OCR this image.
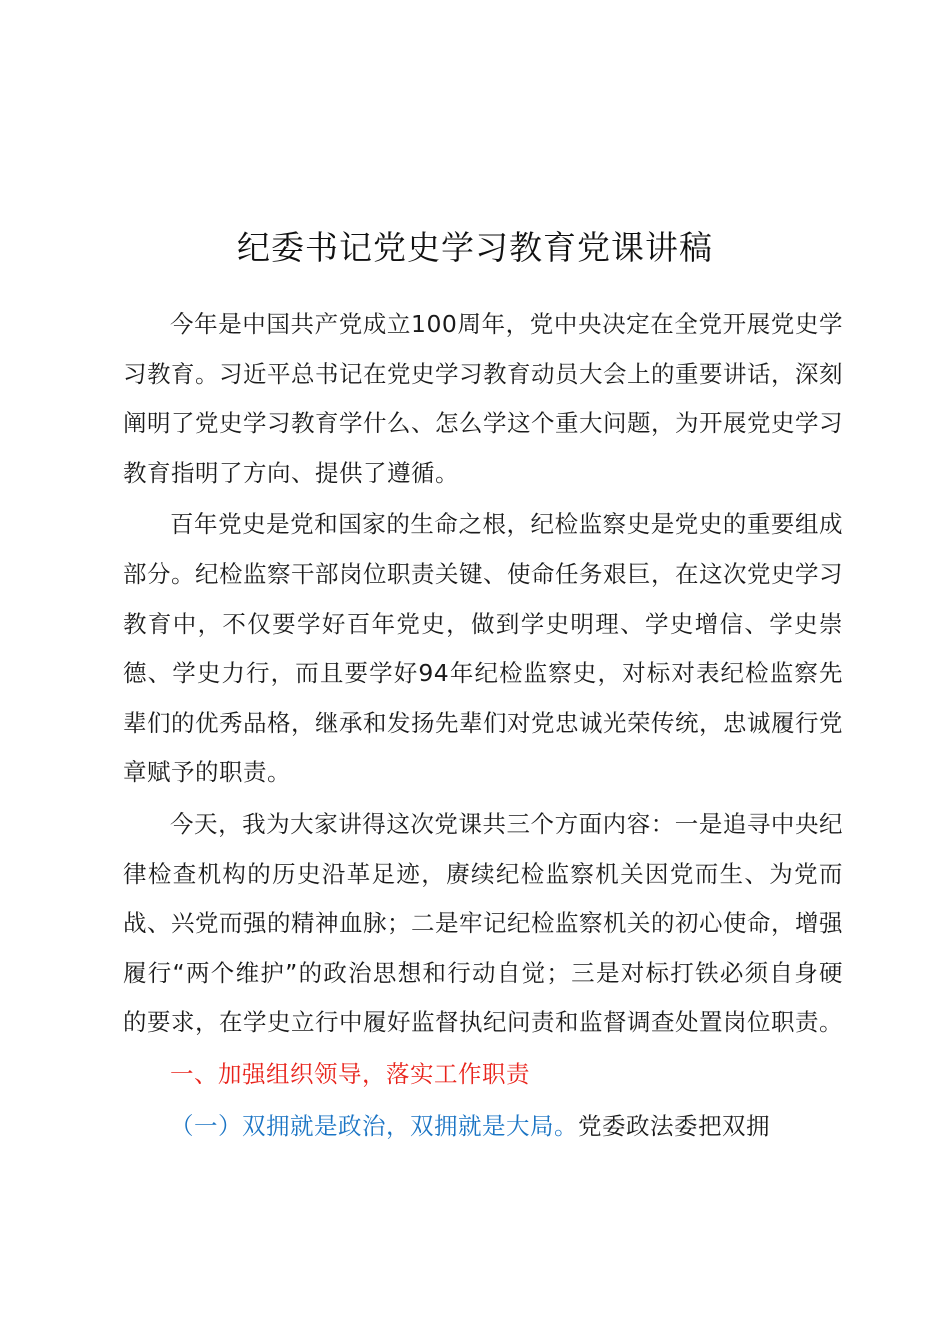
纪委书记党史学习教育党课讲稿

今年是中国共产党成立100周年，党中央决定在全党开展党史学习教育。习近平总书记在党史学习教育动员大会上的重要讲话，深刻阐明了党史学习教育学什么、怎么学这个重大问题，为开展党史学习教育指明了方向、提供了遵循。

百年党史是党和国家的生命之根，纪检监察史是党史的重要组成部分。纪检监察干部岗位职责关键、使命任务艰巨，在这次党史学习教育中，不仅要学好百年党史，做到学史明理、学史增信、学史崇德、学史力行，而且要学好94年纪检监察史，对标对表纪检监察先辈们的优秀品格，继承和发扬先辈们对党忠诚光荣传统，忠诚履行党章赋予的职责。

今天，我为大家讲得这次党课共三个方面内容：一是追寻中央纪律检查机构的历史沿革足迹，赓续纪检监察机关因党而生、为党而战、兴党而强的精神血脉；二是牢记纪检监察机关的初心使命，增强履行“两个维护”的政治思想和行动自觉；三是对标打铁必须自身硬的要求，在学史立行中履好监督执纪问责和监督调查处置岗位职责。

一、加强组织领导，落实工作职责

（一）双拥就是政治，双拥就是大局。党委政法委把双拥
